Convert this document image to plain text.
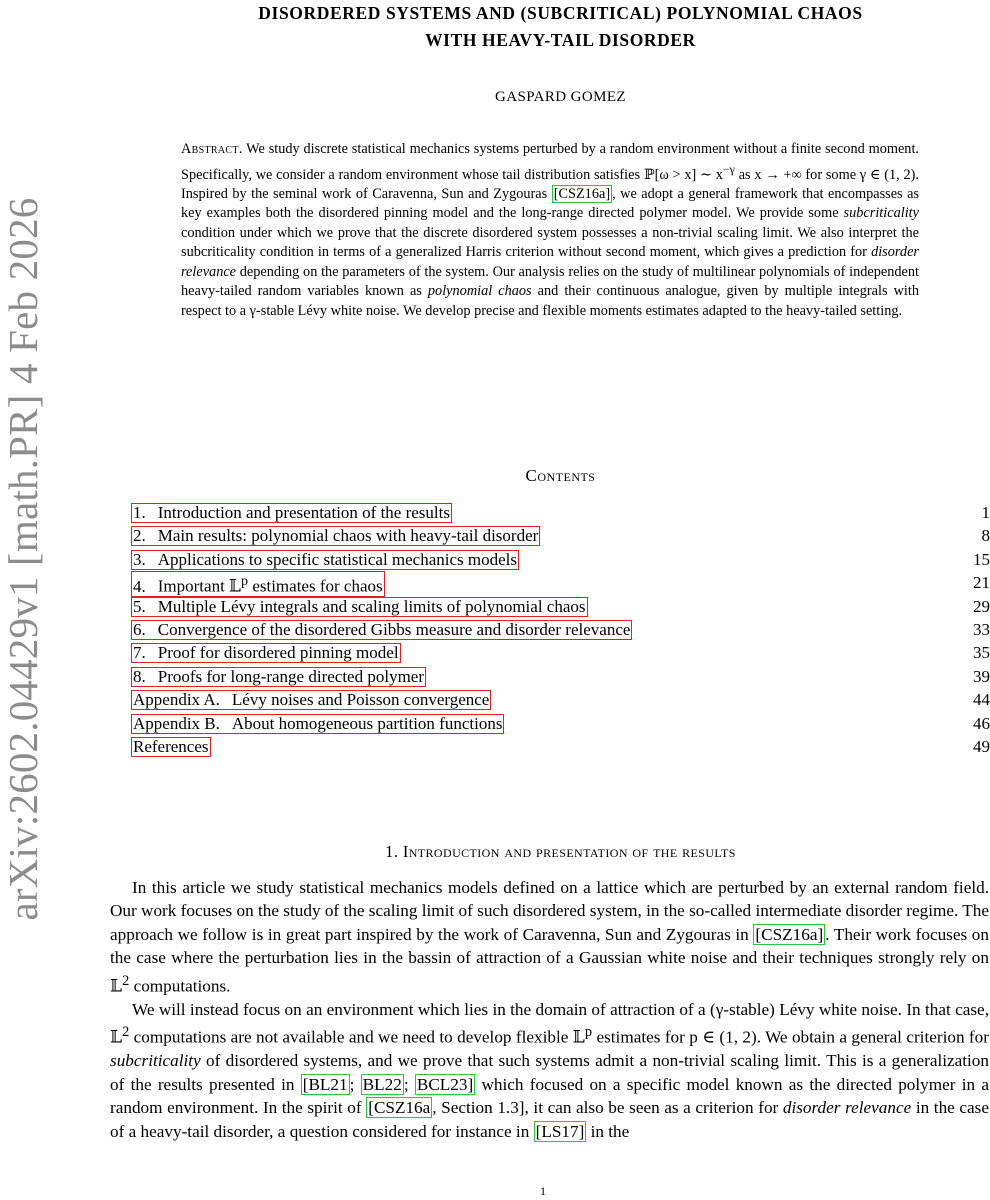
arXiv:2602.04429v1 [math.PR] 4 Feb 2026
DISORDERED SYSTEMS AND (SUBCRITICAL) POLYNOMIAL CHAOS
WITH HEAVY-TAIL DISORDER
GASPARD GOMEZ
Abstract. We study discrete statistical mechanics systems perturbed by a random environment without a finite second moment. Specifically, we consider a random environment whose tail distribution satisfies ℙ[ω > x] ∼ $x^{-\gamma}$ as x → +∞ for some γ ∈ (1, 2). Inspired by the seminal work of Caravenna, Sun and Zygouras [CSZ16a] , we adopt a general framework that encompasses as key examples both the disordered pinning model and the long-range directed polymer model. We provide some subcriticality condition under which we prove that the discrete disordered system possesses a non-trivial scaling limit. We also interpret the subcriticality condition in terms of a generalized Harris criterion without second moment, which gives a prediction for disorder relevance depending on the parameters of the system. Our analysis relies on the study of multilinear polynomials of independent heavy-tailed random variables known as polynomial chaos and their continuous analogue, given by multiple integrals with respect to a γ-stable Lévy white noise. We develop precise and flexible moments estimates adapted to the heavy-tailed setting.
Contents
1. Introduction and presentation of the results	1
2. Main results: polynomial chaos with heavy-tail disorder	8
3. Applications to specific statistical mechanics models	15
4. Important 𝕃$^p$ estimates for chaos	21
5. Multiple Lévy integrals and scaling limits of polynomial chaos	29
6. Convergence of the disordered Gibbs measure and disorder relevance	33
7. Proof for disordered pinning model	35
8. Proofs for long-range directed polymer	39
Appendix A. Lévy noises and Poisson convergence	44
Appendix B. About homogeneous partition functions	46
References	49
1. Introduction and presentation of the results

In this article we study statistical mechanics models defined on a lattice which are perturbed by an external random field. Our work focuses on the study of the scaling limit of such disordered system, in the so-called intermediate disorder regime. The approach we follow is in great part inspired by the work of Caravenna, Sun and Zygouras in [CSZ16a] . Their work focuses on the case where the perturbation lies in the bassin of attraction of a Gaussian white noise and their techniques strongly rely on 𝕃$^2$ computations.

We will instead focus on an environment which lies in the domain of attraction of a (γ-stable) Lévy white noise. In that case, 𝕃$^2$ computations are not available and we need to develop flexible 𝕃$^p$ estimates for p ∈ (1, 2). We obtain a general criterion for subcriticality of disordered systems, and we prove that such systems admit a non-trivial scaling limit. This is a generalization of the results presented in [BL21 ; BL22 ; BCL23] which focused on a specific model known as the directed polymer in a random environment. In the spirit of [CSZ16a , Section 1.3], it can also be seen as a criterion for disorder relevance in the case of a heavy-tail disorder, a question considered for instance in [LS17] in the

1
